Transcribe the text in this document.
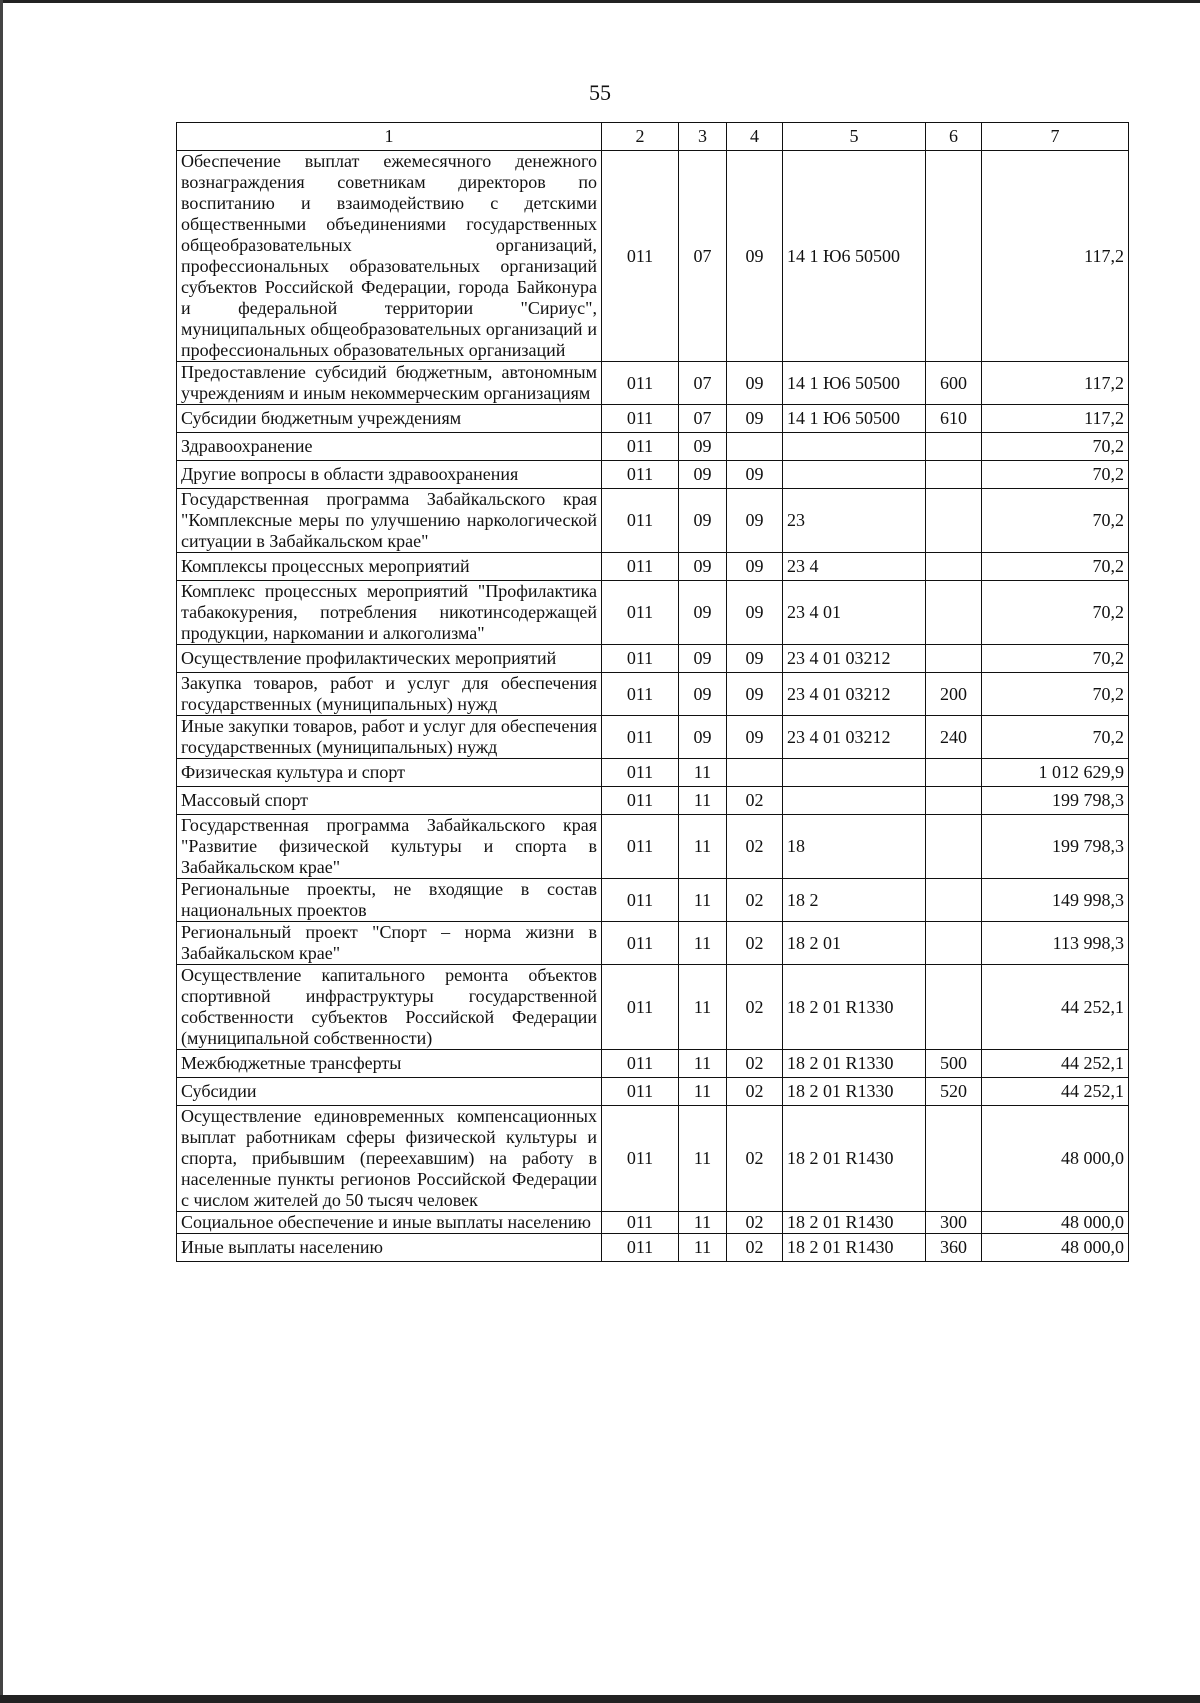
55
1	2	3	4	5	6	7
Обеспечение выплат ежемесячного денежного вознаграждения советникам директоров по воспитанию и взаимодействию с детскими общественными объединениями государственных общеобразовательных организаций, профессиональных образовательных организаций субъектов Российской Федерации, города Байконура и федеральной территории "Сириус", муниципальных общеобразовательных организаций и профессиональных образовательных организаций	011	07	09	14 1 Ю6 50500		117,2
Предоставление субсидий бюджетным, автономным учреждениям и иным некоммерческим организациям	011	07	09	14 1 Ю6 50500	600	117,2
Субсидии бюджетным учреждениям	011	07	09	14 1 Ю6 50500	610	117,2
Здравоохранение	011	09				70,2
Другие вопросы в области здравоохранения	011	09	09			70,2
Государственная программа Забайкальского края "Комплексные меры по улучшению наркологической ситуации в Забайкальском крае"	011	09	09	23		70,2
Комплексы процессных мероприятий	011	09	09	23 4		70,2
Комплекс процессных мероприятий "Профилактика табакокурения, потребления никотинсодержащей продукции, наркомании и алкоголизма"	011	09	09	23 4 01		70,2
Осуществление профилактических мероприятий	011	09	09	23 4 01 03212		70,2
Закупка товаров, работ и услуг для обеспечения государственных (муниципальных) нужд	011	09	09	23 4 01 03212	200	70,2
Иные закупки товаров, работ и услуг для обеспечения государственных (муниципальных) нужд	011	09	09	23 4 01 03212	240	70,2
Физическая культура и спорт	011	11				1 012 629,9
Массовый спорт	011	11	02			199 798,3
Государственная программа Забайкальского края "Развитие физической культуры и спорта в Забайкальском крае"	011	11	02	18		199 798,3
Региональные проекты, не входящие в состав национальных проектов	011	11	02	18 2		149 998,3
Региональный проект "Спорт – норма жизни в Забайкальском крае"	011	11	02	18 2 01		113 998,3
Осуществление капитального ремонта объектов спортивной инфраструктуры государственной собственности субъектов Российской Федерации (муниципальной собственности)	011	11	02	18 2 01 R1330		44 252,1
Межбюджетные трансферты	011	11	02	18 2 01 R1330	500	44 252,1
Субсидии	011	11	02	18 2 01 R1330	520	44 252,1
Осуществление единовременных компенсационных выплат работникам сферы физической культуры и спорта, прибывшим (переехавшим) на работу в населенные пункты регионов Российской Федерации с числом жителей до 50 тысяч человек	011	11	02	18 2 01 R1430		48 000,0
Социальное обеспечение и иные выплаты населению	011	11	02	18 2 01 R1430	300	48 000,0
Иные выплаты населению	011	11	02	18 2 01 R1430	360	48 000,0
